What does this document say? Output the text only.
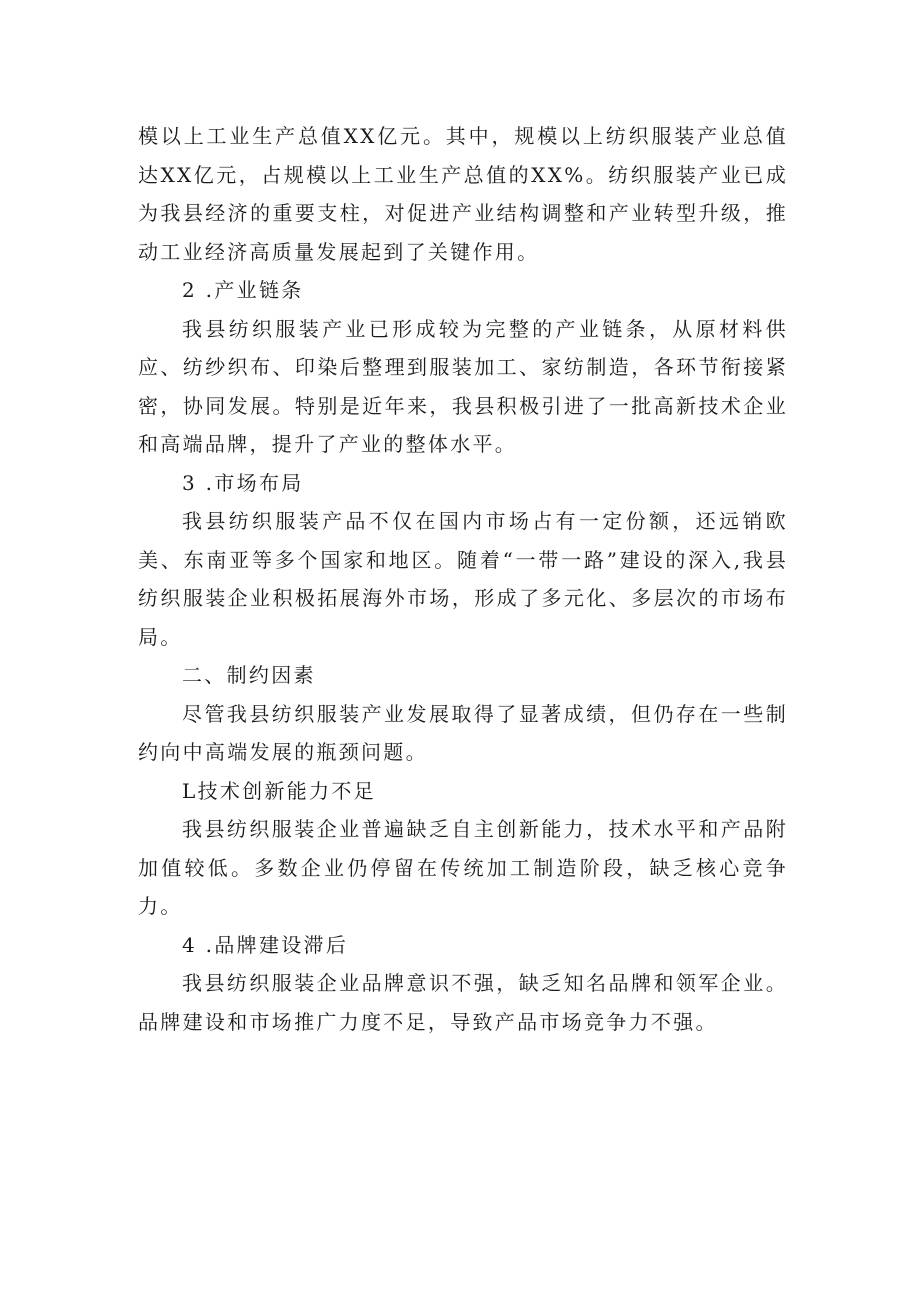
模以上工业生产总值XX亿元。其中，规模以上纺织服装产业总值达XX亿元，占规模以上工业生产总值的XX%。纺织服装产业已成为我县经济的重要支柱，对促进产业结构调整和产业转型升级，推动工业经济高质量发展起到了关键作用。

2 .产业链条

我县纺织服装产业已形成较为完整的产业链条，从原材料供应、纺纱织布、印染后整理到服装加工、家纺制造，各环节衔接紧密，协同发展。特别是近年来，我县积极引进了一批高新技术企业和高端品牌，提升了产业的整体水平。

3 .市场布局

我县纺织服装产品不仅在国内市场占有一定份额，还远销欧美、东南亚等多个国家和地区。随着“一带一路”建设的深入,我县纺织服装企业积极拓展海外市场，形成了多元化、多层次的市场布局。

二、制约因素

尽管我县纺织服装产业发展取得了显著成绩，但仍存在一些制约向中高端发展的瓶颈问题。

L技术创新能力不足

我县纺织服装企业普遍缺乏自主创新能力，技术水平和产品附加值较低。多数企业仍停留在传统加工制造阶段，缺乏核心竞争力。

4 .品牌建设滞后

我县纺织服装企业品牌意识不强，缺乏知名品牌和领军企业。品牌建设和市场推广力度不足，导致产品市场竞争力不强。
